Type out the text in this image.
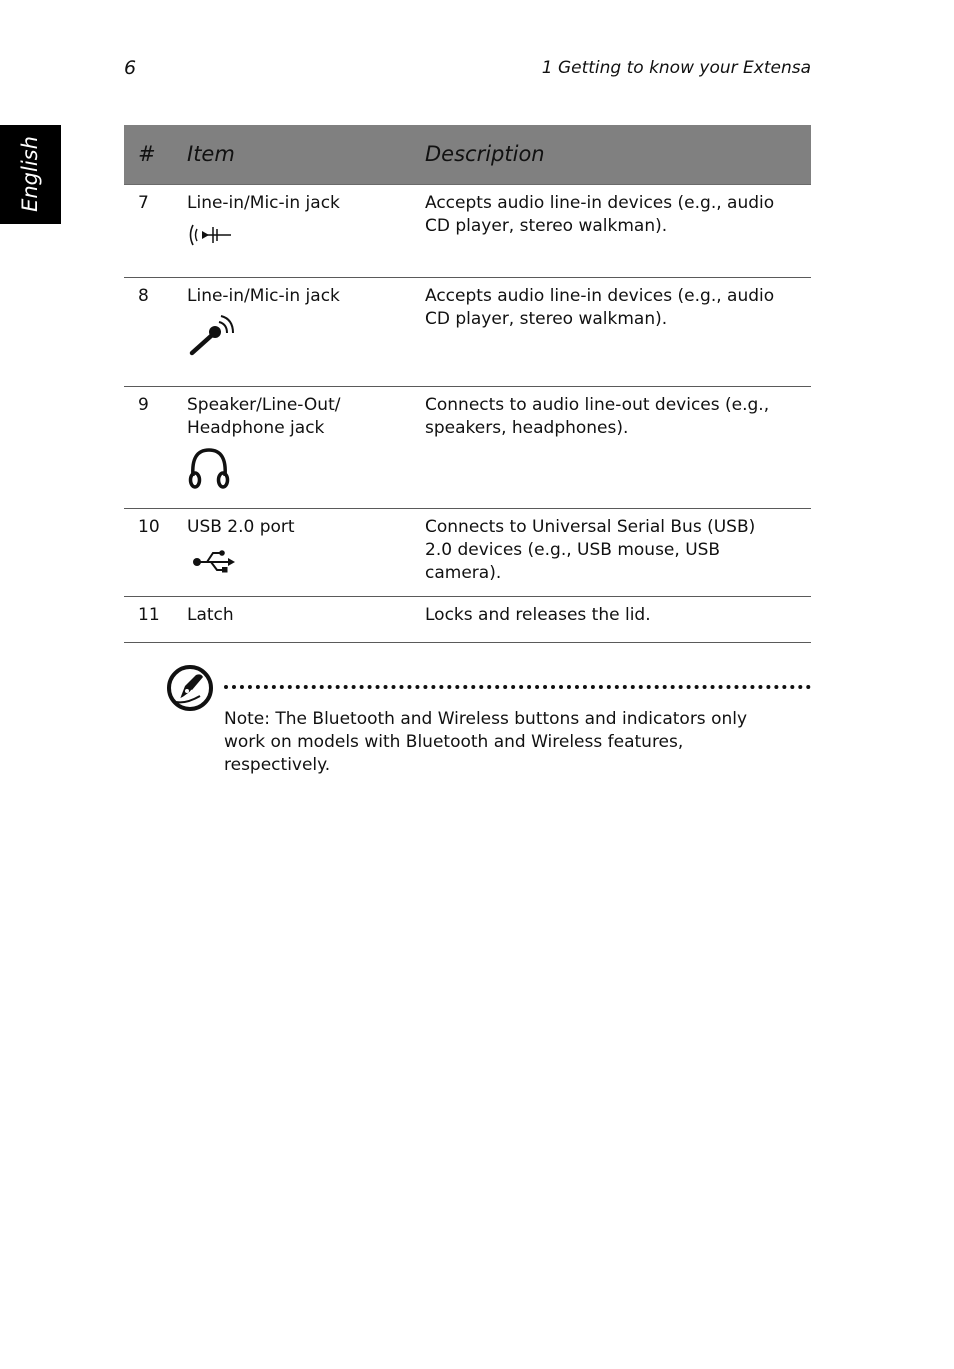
6	1 Getting to know your Extensa
English	#	Item	Description
7	Line-in/Mic-in jack	Accepts audio line-in devices (e.g., audio CD player, stereo walkman).
8	Line-in/Mic-in jack	Accepts audio line-in devices (e.g., audio CD player, stereo walkman).
9	Speaker/Line-Out/ Headphone jack	Connects to audio line-out devices (e.g., speakers, headphones).
10	USB 2.0 port	Connects to Universal Serial Bus (USB) 2.0 devices (e.g., USB mouse, USB camera).
11	Latch	Locks and releases the lid.
Note: The Bluetooth and Wireless buttons and indicators only work on models with Bluetooth and Wireless features, respectively.
